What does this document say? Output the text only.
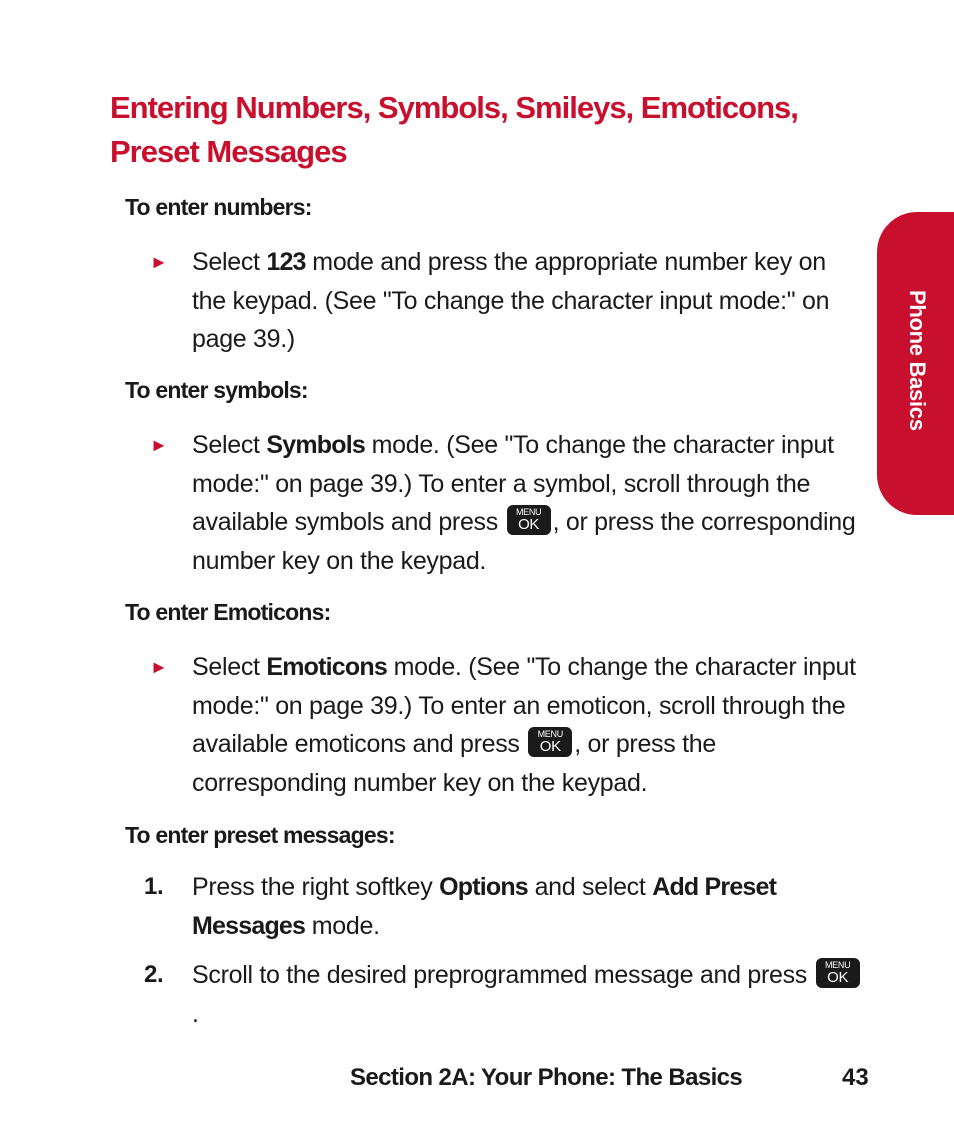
Entering Numbers, Symbols, Smileys, Emoticons, Preset Messages
Phone Basics
To enter numbers:
► Select 123 mode and press the appropriate number key on the keypad. (See "To change the character input mode:" on page 39.)
To enter symbols:
► Select Symbols mode. (See "To change the character input mode:" on page 39.) To enter a symbol, scroll through the available symbols and press	MENU
OK , or press the corresponding number key on the keypad.
To enter Emoticons:
► Select Emoticons mode. (See "To change the character input mode:" on page 39.) To enter an emoticon, scroll through the available emoticons and press	MENU
OK , or press the corresponding number key on the keypad.
To enter preset messages:
1. Press the right softkey Options and select Add Preset Messages mode.
2. Scroll to the desired preprogrammed message and press	MENU
OK
.
Section 2A: Your Phone: The Basics	43
